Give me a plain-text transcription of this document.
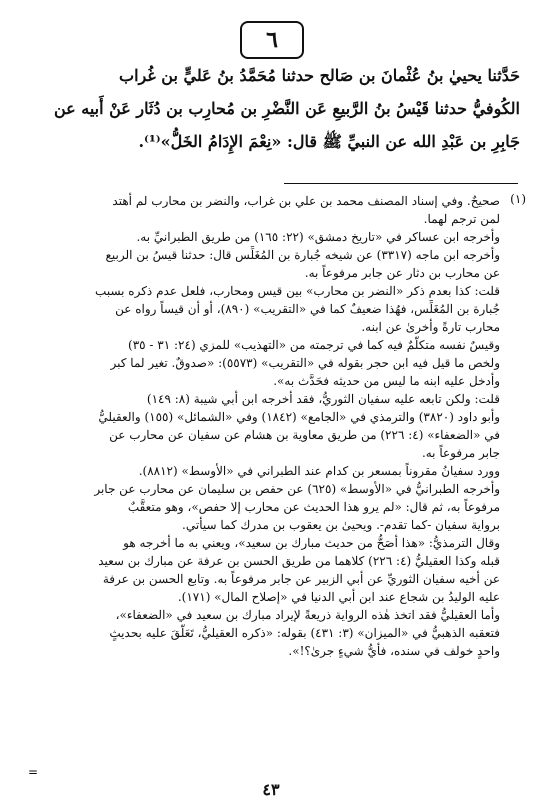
٦
حَدَّثنا يحييٰ بنُ عُثْمانَ بن صَالح حدثنا مُحَمَّدُ بنُ عَليٍّ بن غُراب
الكُوفيُّ حدثنا قَيْسُ بنُ الرَّبيعِ عَن النَّضْرِ بن مُحارِب بن دُثَار عَنْ أَبيه عن
جَابِرِ بن عَبْدِ الله عن النبيِّ ﷺ قال: «نِعْمَ الإِدَامُ الخَلُّ»⁽¹⁾.
(١)
صحيحٌ. وفي إسناد المصنف محمد بن علي بن غراب، والنضر بن محارب لم أهتد
لمن ترجم لهما.
وأخرجه ابن عساكر في «تاريخ دمشق» (٢٢: ١٦٥) من طريق الطبرانيِّ به.
وأخرجه ابن ماجه (٣٣١٧) عن شيخه جُبارة بن المُغَلِّس قال: حدثنا قيسُ بن الربيع
عن محارب بن دثار عن جابر مرفوعاً به.
قلت: كذا بعدم ذكر «النضر بن محارب» بين قيس ومحارب، فلعل عدم ذكره بسبب
جُبارة بن المُغَلِّس، فهُذا ضعيفٌ كما في «التقريب» (٨٩٠)، أو أن قيساً رواه عن
محارب تارةً وأخرىٰ عن ابنه.
وقيسٌ نفسه متكلَّمٌ فيه كما في ترجمته من «التهذيب» للمزي (٢٤: ٣١ - ٣٥)
ولخص ما قيل فيه ابن حجر بقوله في «التقريب» (٥٥٧٣): «صدوقٌ. تغير لما كبر
وأدخل عليه ابنه ما ليس من حديثه فحَدَّث به».
قلت: ولكن تابعه عليه سفيان الثوريُّ، فقد أخرجه ابن أبي شيبة (٨: ١٤٩)
وأبو داود (٣٨٢٠) والترمذي في «الجامع» (١٨٤٢) وفي «الشمائل» (١٥٥) والعقيليُّ
في «الضعفاء» (٤: ٢٢٦) من طريق معاوية بن هشام عن سفيان عن محارب عن
جابر مرفوعاً به.
وورد سفيانُ مقروناً بمسعر بن كدام عند الطبراني في «الأوسط» (٨٨١٢).
وأخرجه الطبرانيُّ في «الأوسط» (٦٢٥) عن حفص بن سليمان عن محارب عن جابر
مرفوعاً به، ثم قال: «لم يرو هذا الحديث عن محارب إلا حفص»، وهو متعقَّبٌ
برواية سفيان -كما تقدم-. ويحيىٰ بن يعقوب بن مدرك كما سيأتي.
وقال الترمذيُّ: «هذا أصَحُّ من حديث مبارك بن سعيد»، ويعني به ما أخرجه هو
قبله وكذا العقيليُّ (٤: ٢٢٦) كلاهما من طريق الحسن بن عرفة عن مبارك بن سعيد
عن أخيه سفيان الثوريِّ عن أبي الزبير عن جابر مرفوعاً به. وتابع الحسن بن عرفة
عليه الوليدُ بن شجاع عند ابن أبي الدنيا في «إصلاح المال» (١٧١).
وأما العقيليُّ فقد اتخذ هٰذه الرواية ذريعةً لإيراد مبارك بن سعيد في «الضعفاء»،
فتعقبه الذهبيُّ في «الميزان» (٣: ٤٣١) بقوله: «ذكره العقيليُّ، تَعَلَّقَ عليه بحديثٍ
واحدٍ خولف في سنده، فأَيُّ شيءٍ جرىٰ؟!».
=
٤٣
